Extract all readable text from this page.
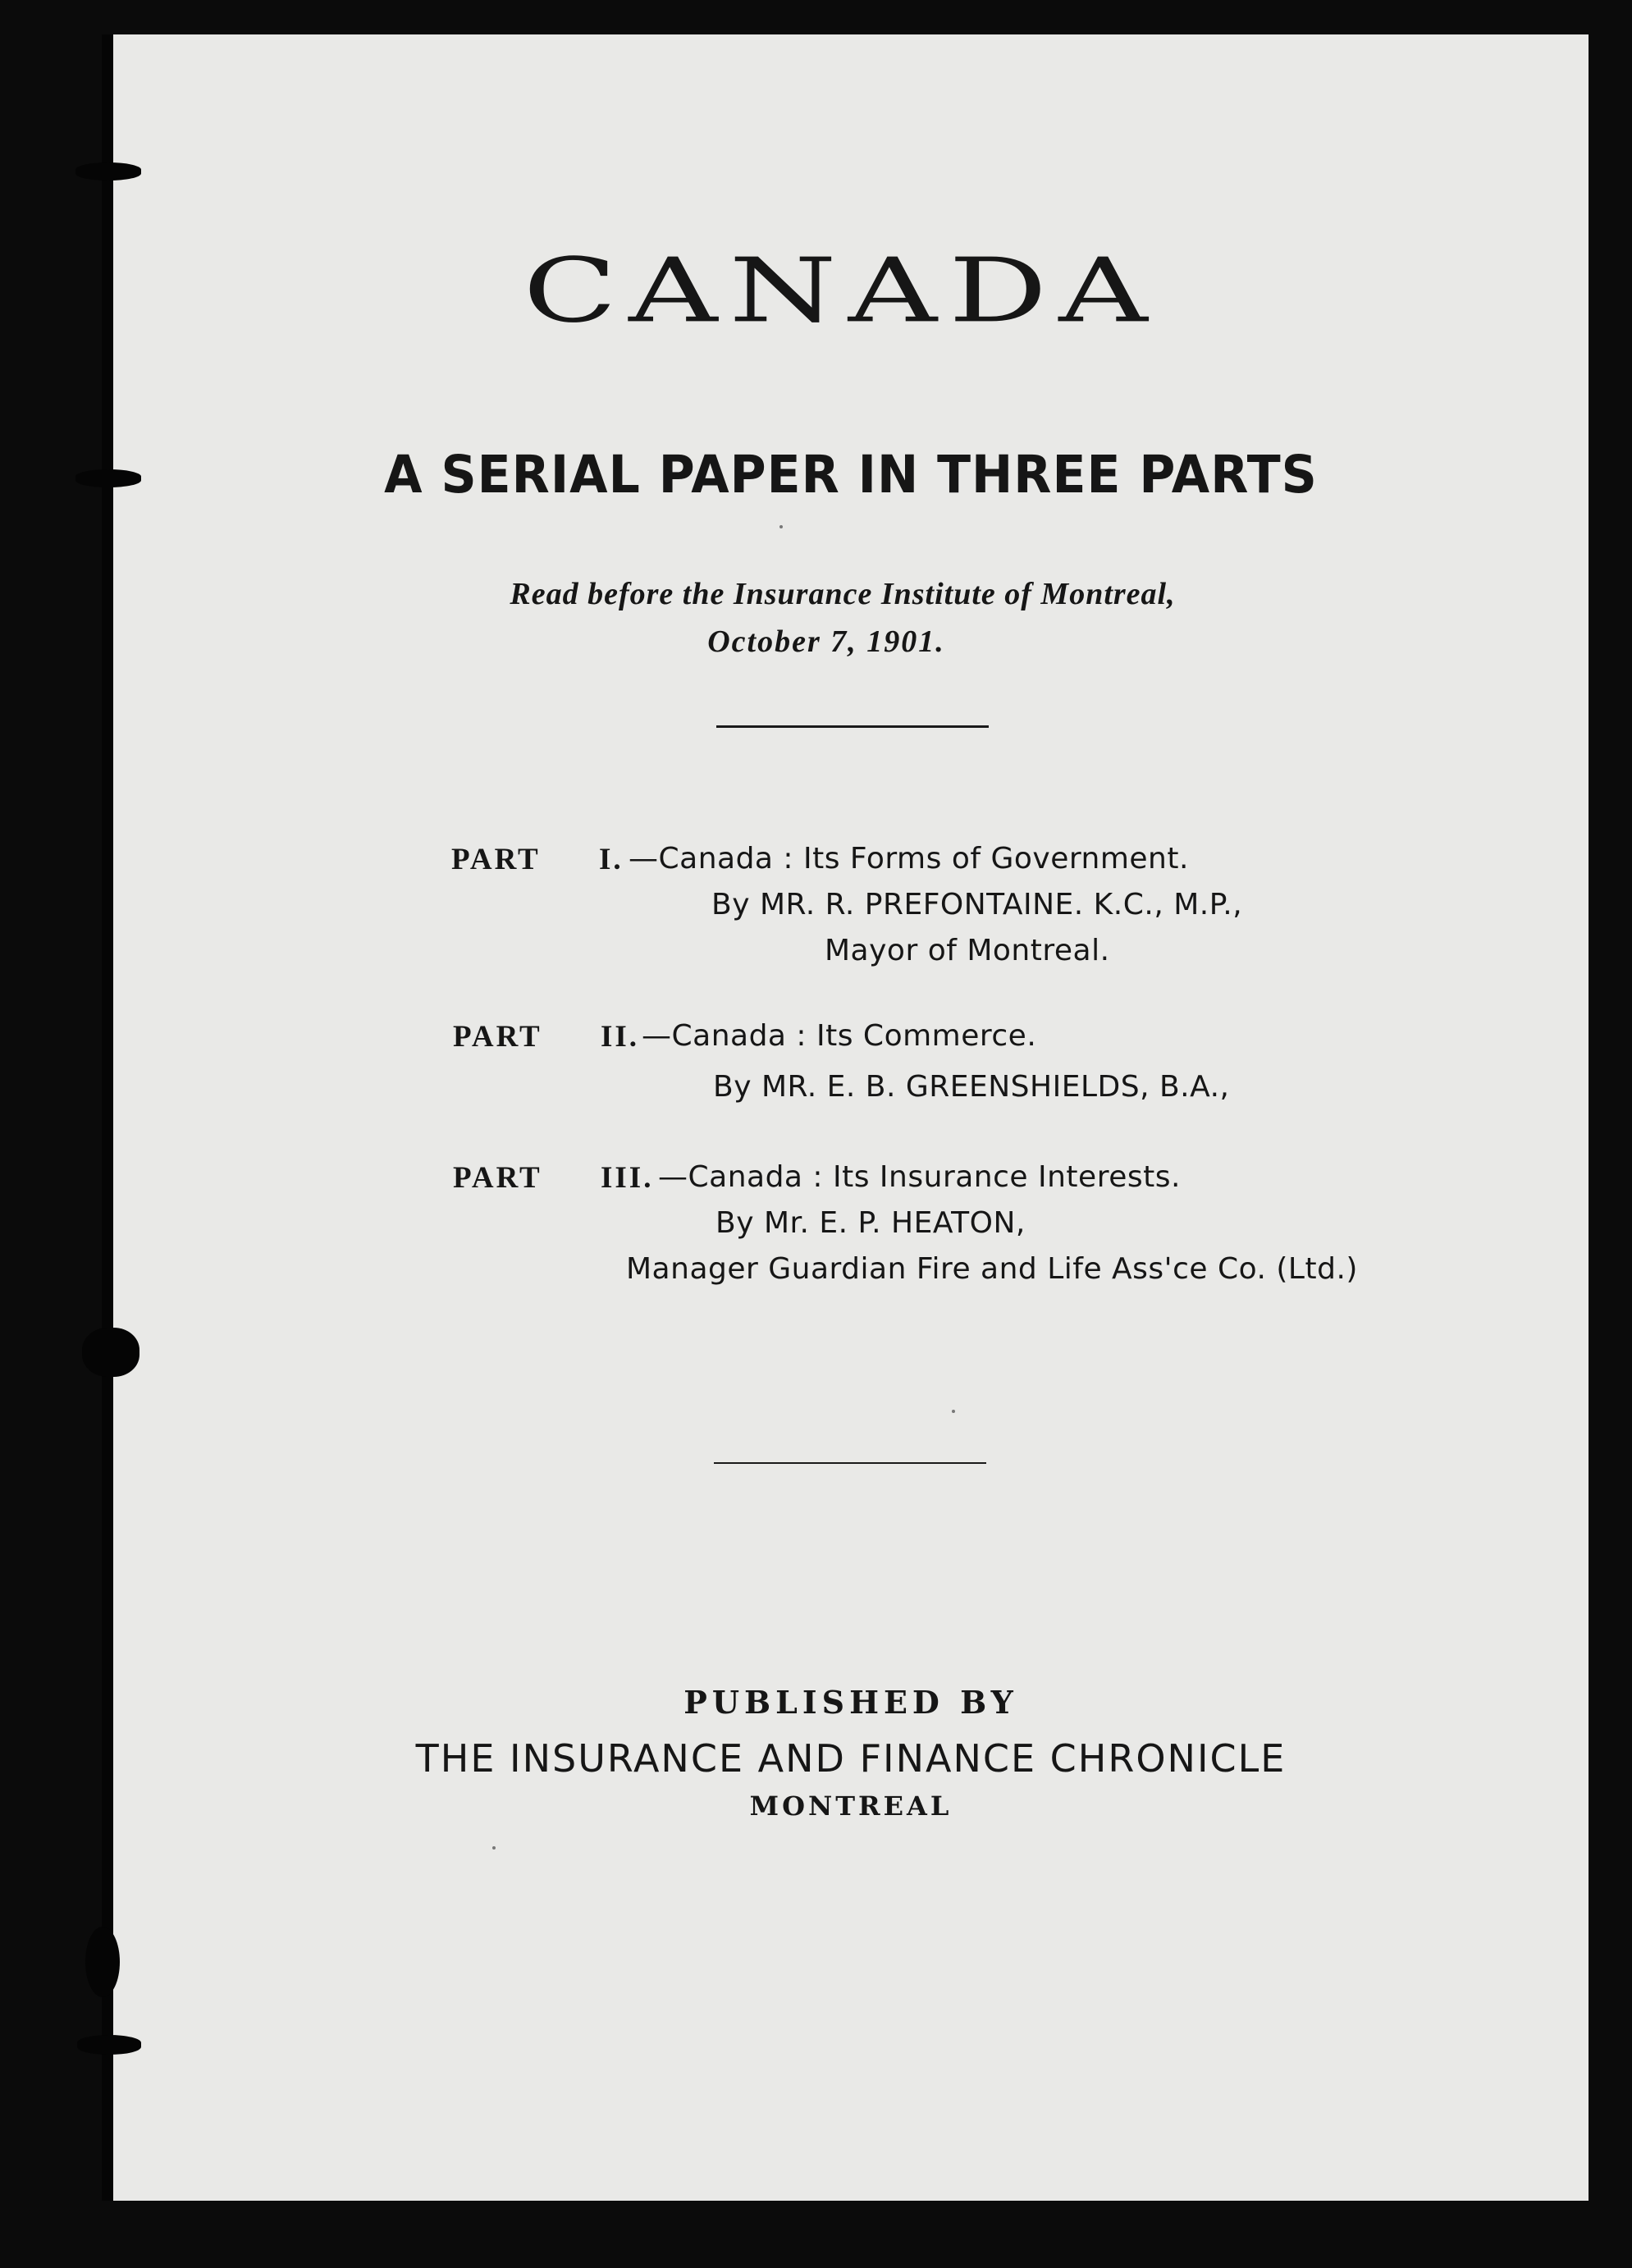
CANADA
A SERIAL PAPER IN THREE PARTS
Read before the Insurance Institute of Montreal,
October 7, 1901.
PART I. —Canada : Its Forms of Government.
By MR. R. PREFONTAINE. K.C., M.P.,
Mayor of Montreal.
PART II. —Canada : Its Commerce.
By MR. E. B. GREENSHIELDS, B.A.,
PART III. —Canada : Its Insurance Interests.
By Mr. E. P. HEATON,
Manager Guardian Fire and Life Ass'ce Co. (Ltd.)
PUBLISHED BY
THE INSURANCE AND FINANCE CHRONICLE
MONTREAL
